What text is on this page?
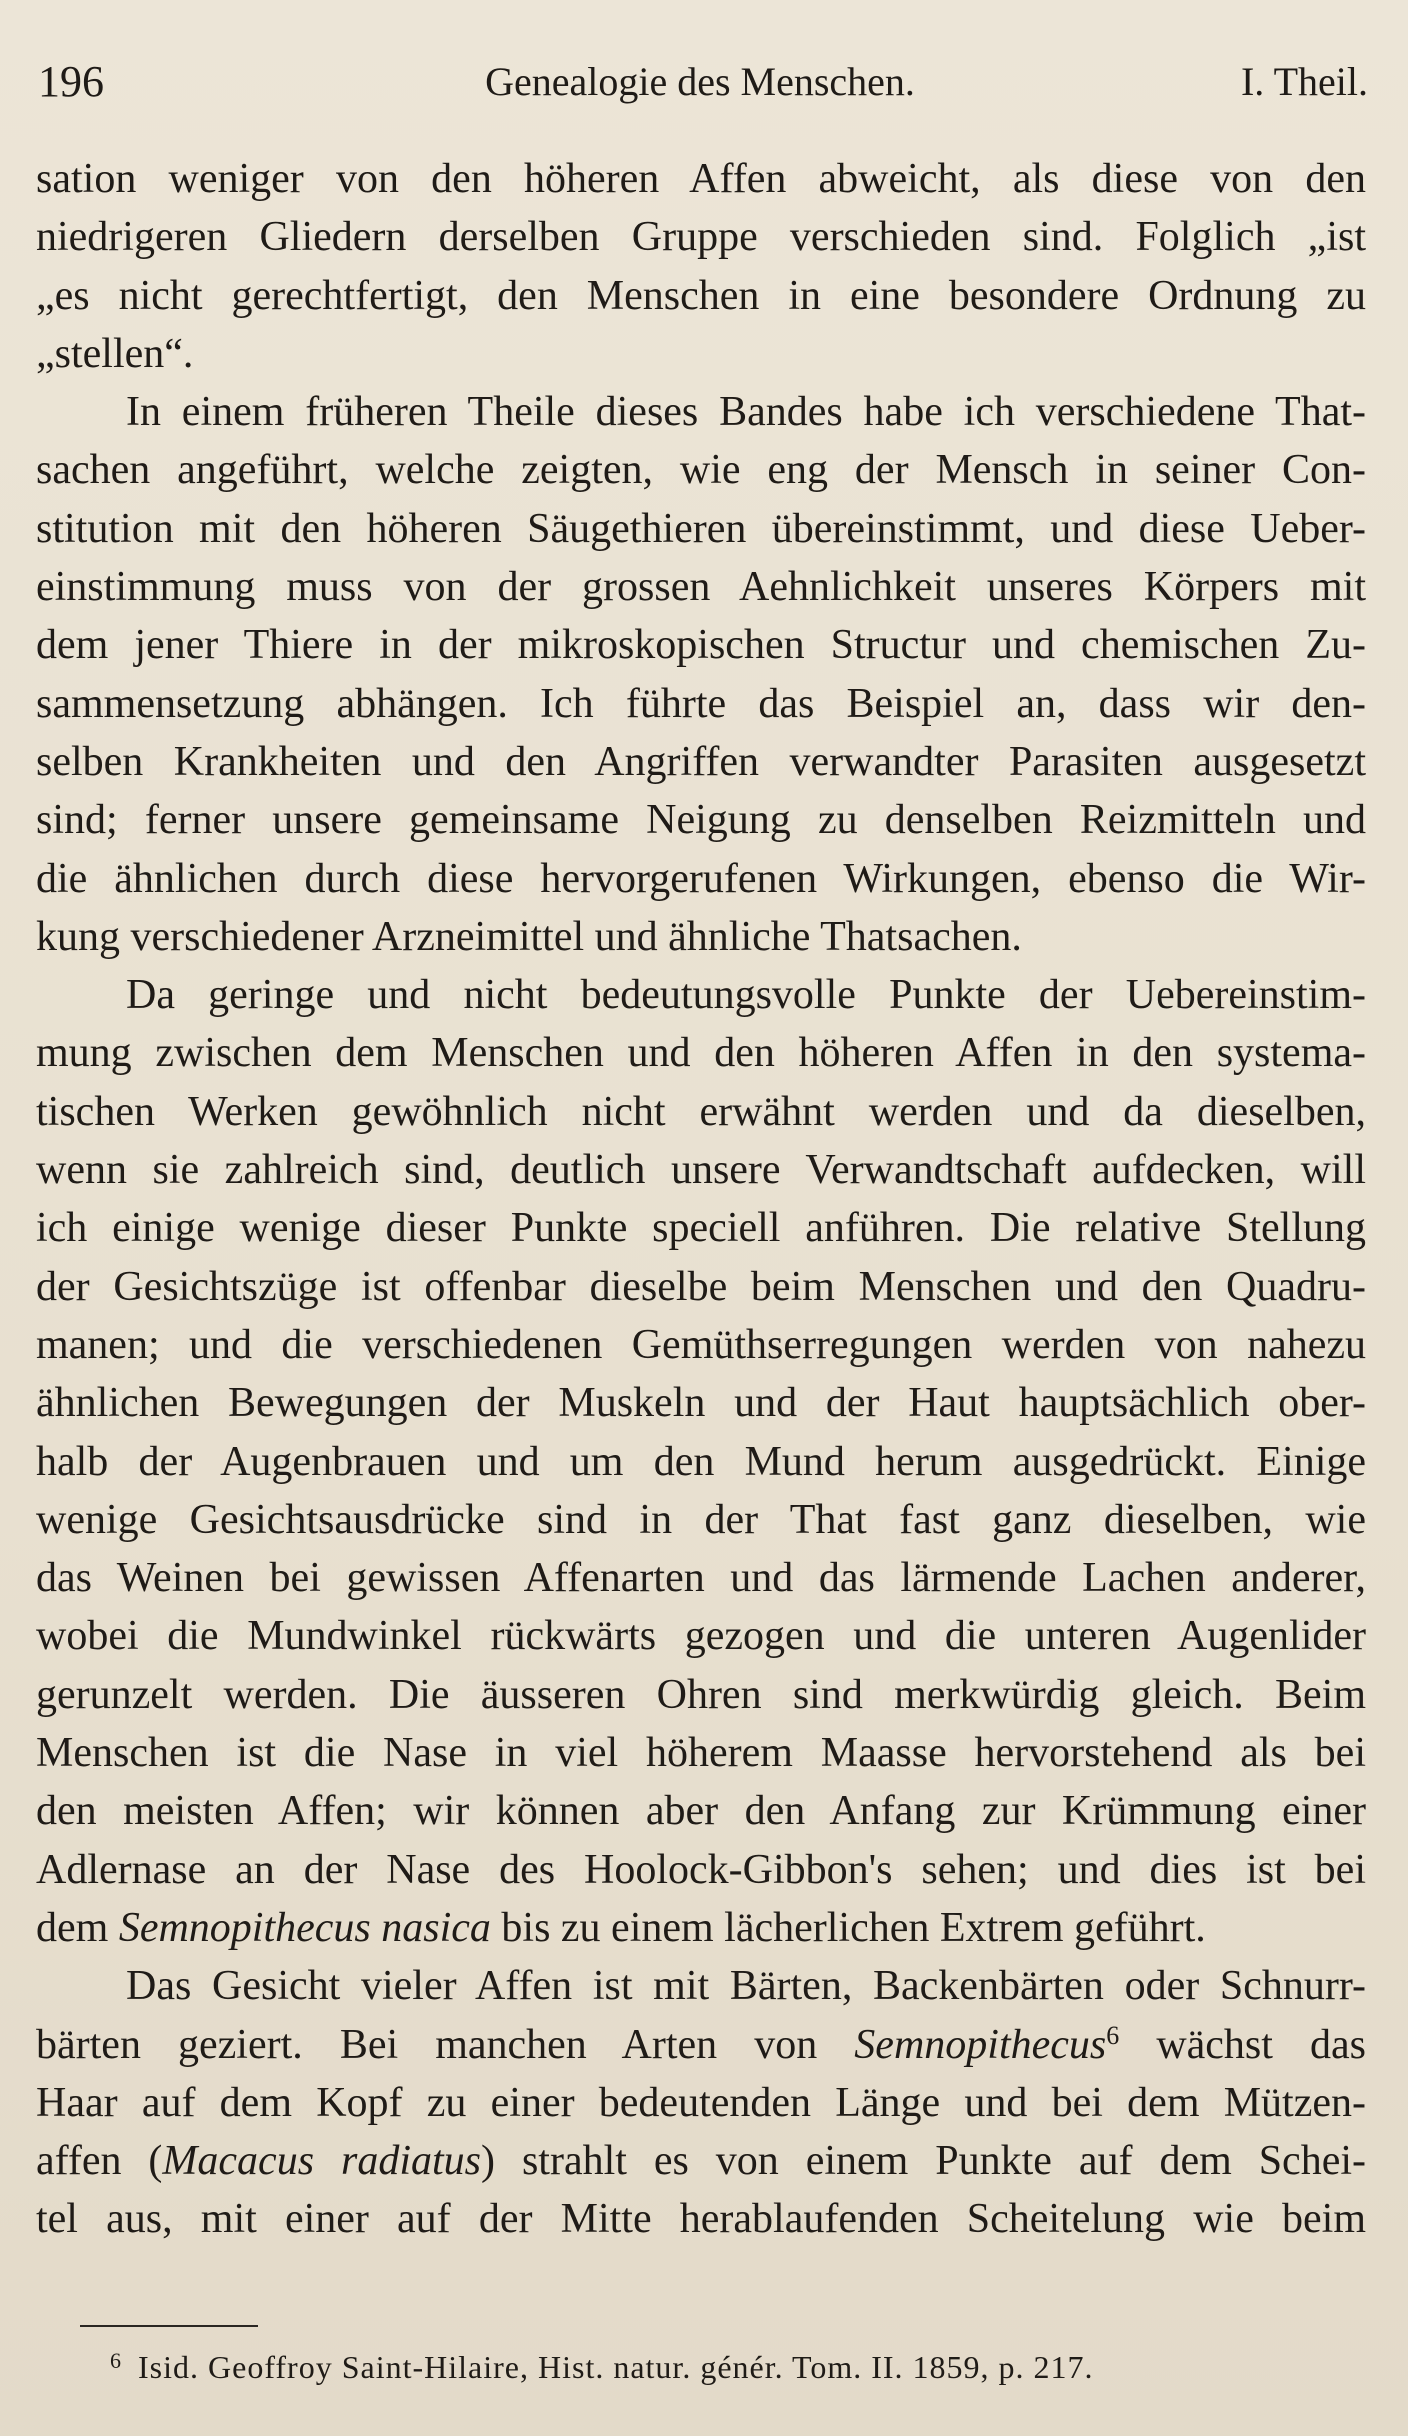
196	Genealogie des Menschen.	I. Theil.

sation weniger von den höheren Affen abweicht, als diese von den
niedrigeren Gliedern derselben Gruppe verschieden sind. Folglich „ist
„es nicht gerechtfertigt, den Menschen in eine besondere Ordnung zu
„stellen“.

In einem früheren Theile dieses Bandes habe ich verschiedene That-
sachen angeführt, welche zeigten, wie eng der Mensch in seiner Con-
stitution mit den höheren Säugethieren übereinstimmt, und diese Ueber-
einstimmung muss von der grossen Aehnlichkeit unseres Körpers mit
dem jener Thiere in der mikroskopischen Structur und chemischen Zu-
sammensetzung abhängen. Ich führte das Beispiel an, dass wir den-
selben Krankheiten und den Angriffen verwandter Parasiten ausgesetzt
sind; ferner unsere gemeinsame Neigung zu denselben Reizmitteln und
die ähnlichen durch diese hervorgerufenen Wirkungen, ebenso die Wir-
kung verschiedener Arzneimittel und ähnliche Thatsachen.

Da geringe und nicht bedeutungsvolle Punkte der Uebereinstim-
mung zwischen dem Menschen und den höheren Affen in den systema-
tischen Werken gewöhnlich nicht erwähnt werden und da dieselben,
wenn sie zahlreich sind, deutlich unsere Verwandtschaft aufdecken, will
ich einige wenige dieser Punkte speciell anführen. Die relative Stellung
der Gesichtszüge ist offenbar dieselbe beim Menschen und den Quadru-
manen; und die verschiedenen Gemüthserregungen werden von nahezu
ähnlichen Bewegungen der Muskeln und der Haut hauptsächlich ober-
halb der Augenbrauen und um den Mund herum ausgedrückt. Einige
wenige Gesichtsausdrücke sind in der That fast ganz dieselben, wie
das Weinen bei gewissen Affenarten und das lärmende Lachen anderer,
wobei die Mundwinkel rückwärts gezogen und die unteren Augenlider
gerunzelt werden. Die äusseren Ohren sind merkwürdig gleich. Beim
Menschen ist die Nase in viel höherem Maasse hervorstehend als bei
den meisten Affen; wir können aber den Anfang zur Krümmung einer
Adlernase an der Nase des Hoolock-Gibbon's sehen; und dies ist bei
dem Semnopithecus nasica bis zu einem lächerlichen Extrem geführt.

Das Gesicht vieler Affen ist mit Bärten, Backenbärten oder Schnurr-
bärten geziert. Bei manchen Arten von Semnopithecus$^6$ wächst das
Haar auf dem Kopf zu einer bedeutenden Länge und bei dem Mützen-
affen (Macacus radiatus) strahlt es von einem Punkte auf dem Schei-
tel aus, mit einer auf der Mitte herablaufenden Scheitelung wie beim

$^6$ Isid. Geoffroy Saint-Hilaire, Hist. natur. génér. Tom. II. 1859, p. 217.
